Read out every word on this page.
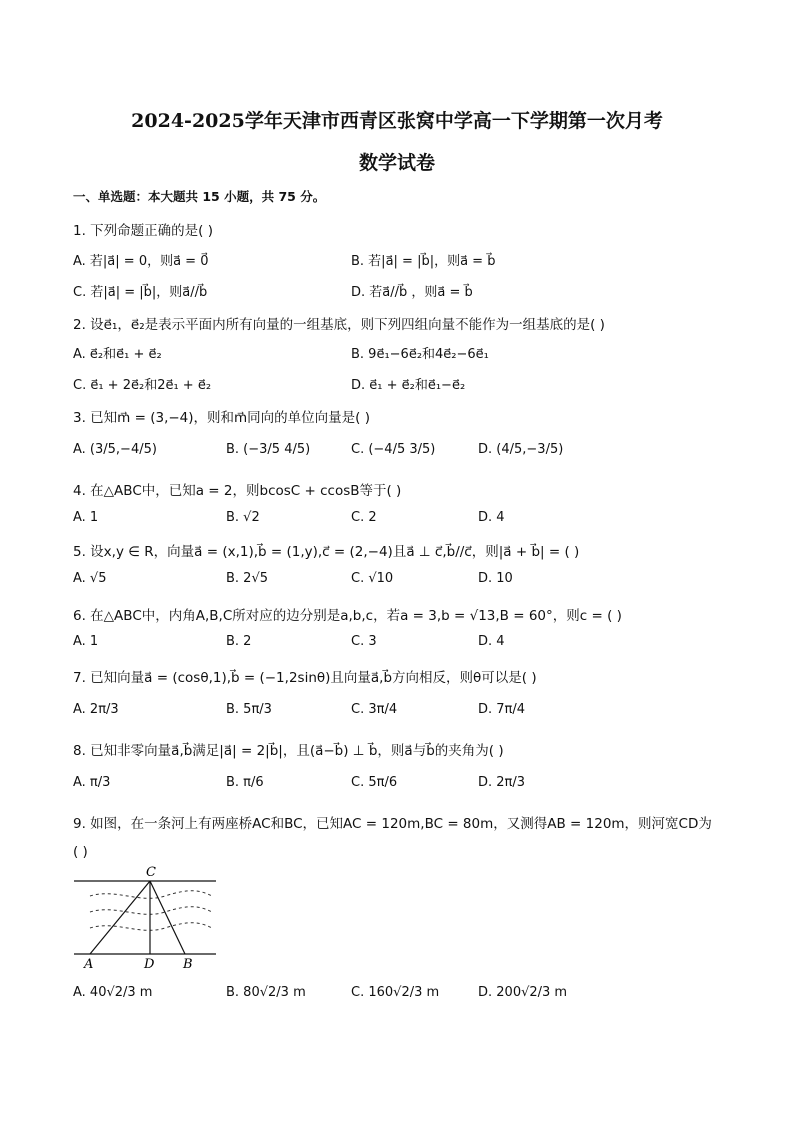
2024-2025学年天津市西青区张窝中学高一下学期第一次月考
数学试卷
一、单选题：本大题共 15 小题，共 75 分。
1. 下列命题正确的是( )
A. 若|a⃗| = 0，则a⃗ = 0⃗	B. 若|a⃗| = |b⃗|，则a⃗ = b⃗
C. 若|a⃗| = |b⃗|，则a⃗//b⃗	D. 若a⃗//b⃗ ，则a⃗ = b⃗
2. 设e⃗₁，e⃗₂是表示平面内所有向量的一组基底，则下列四组向量不能作为一组基底的是( )
A. e⃗₂和e⃗₁ + e⃗₂	B. 9e⃗₁−6e⃗₂和4e⃗₂−6e⃗₁
C. e⃗₁ + 2e⃗₂和2e⃗₁ + e⃗₂	D. e⃗₁ + e⃗₂和e⃗₁−e⃗₂
3. 已知m⃗ = (3,−4)，则和m⃗同向的单位向量是( )
A. (3/5,−4/5)	B. (−3/5 4/5)	C. (−4/5 3/5)	D. (4/5,−3/5)
4. 在△ABC中，已知a = 2，则bcosC + ccosB等于( )
A. 1	B. √2	C. 2	D. 4
5. 设x,y ∈ R，向量a⃗ = (x,1),b⃗ = (1,y),c⃗ = (2,−4)且a⃗ ⊥ c⃗,b⃗//c⃗，则|a⃗ + b⃗| = ( )
A. √5	B. 2√5	C. √10	D. 10
6. 在△ABC中，内角A,B,C所对应的边分别是a,b,c，若a = 3,b = √13,B = 60°，则c = ( )
A. 1	B. 2	C. 3	D. 4
7. 已知向量a⃗ = (cosθ,1),b⃗ = (−1,2sinθ)且向量a⃗,b⃗方向相反，则θ可以是( )
A. 2π/3	B. 5π/3	C. 3π/4	D. 7π/4
8. 已知非零向量a⃗,b⃗满足|a⃗| = 2|b⃗|，且(a⃗−b⃗) ⊥ b⃗，则a⃗与b⃗的夹角为( )
A. π/3	B. π/6	C. 5π/6	D. 2π/3
9. 如图，在一条河上有两座桥AC和BC，已知AC = 120m,BC = 80m，又测得AB = 120m，则河宽CD为
( )
C
A	D B
A. 40√2/3 m	B. 80√2/3 m	C. 160√2/3 m	D. 200√2/3 m
